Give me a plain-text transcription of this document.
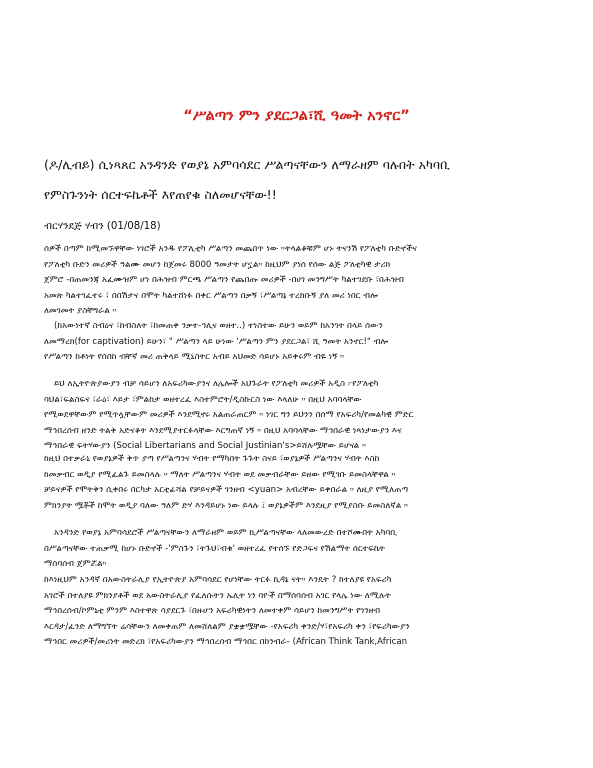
“ሥልጣን ምን ያደርጋል፣ሺ ዓመት አንኖር”
(ዶ/ሊብይ) ሲነጻጸር አንዳንድ የወያኔ አምባሳደር ሥልጣናቸውን ለማራዘም ባሉበት አካባቢ
የምስጉንነት ሰርተፍኬቶች እየጠየቁ ስለመሆናቸው!!
ብርሃንደጅ ሃብን (01/08/18)
ሰዎች በጣም ከሚመኙዋቸው ነገሮች አንዱ የፖሊቲካ ሥልጣን መጨበጥ ነው ።ትላልቆቹም ሆኑ ትናንሽ የፖለቲካ ቡድኖችና
የፖለቲካ ቡድን መሪዎች ዓልሙ መሆን ከጀመሩ 8000 ዓመታት ሆኗል። ከዚህም ያነሰ የሰው ልጅ ፖለቲካዊ ታሪክ
ጀምሮ -በጠመንጃ አፈሙዝም ሆነ በሕዝብ ምርጫ ሥልጣን የጨበጡ መሪዎች -በሀገ መንግሥት ካልተገደቡ ፣በሕዝብ
አመጽ ካልተገፈተሩ ፣ በበሽታና በሞት ካልተሸነፉ በቀር ሥልጣን በቃኝ ፣ሥልጣኔ ተረክቡኝ ያለ መሪ ነበር ብሎ
ለመገመት ያስቸግራል ።
(ከአውነተኛ ስብዕና ፣ከብስለት ፣ከመጠቀ ንቃተ-ኅሊና ወዘተ..) ተነስተው ይሁን ወይም ከአንገት በላይ ሰውን
ለመማረክ(for captivation) ይሁን፣ " ሥልጣን ላይ ሁነው 'ሥልጣን ምን ያደርጋል፣ ሺ ዓመት አንኖር!" ብሎ
የሥልጣን ከቶነት የሰበከ ብቸኛ መሪ ጠቅላይ ሚኒስትር አብይ አህመድ ሳይሆኑ አይቀሩም ብዬ ነኝ ።
ይህ ለኢትዮጵያውያን ብቻ ሳይሆን ለአፍሪካውያንና ለሌሎች አህጉራት የፖለቲካ መሪዎች አዲስ ፦የፖለቲካ
ባህል፣ፍልስፍና ፣ራዕ፣ እይታ ፣ምልከታ ወዘተረፈ እስተምሮት/ዲስኩርስ ነው እላለሁ ። በዚህ አባባላቸው
የሚወደዋቸውም የሚጥሏቸውም መሪዎች እንደሚኖሩ አልጠራጠርም ። ነገር ግን ይህንን በሰማ የአፍሪካ/የመልካዊ ምድር
ማኅበረሰብ ዘንድ ትልቅ አድናቆት እንደሚያተርፉላቸው እርግጠኛ ነኝ ። በዚህ አባባላቸው ማኅበራዊ ነጻነታውያን እና
ማኅበራዊ ፍትሃውያን (Social Libertarians and Social Justinian's>ይሸሉሟቸው ይሆናል ።
ከዚህ በተቃራኒ የወያኔዎች ቅጥ ያጣ የሥልጣንና ሃብት የማካበት ጉጉት ስናይ ፣ወያኔዎች ሥልጣንና ሃብት እስከ
ከመቃብር ወዲያ የሚፈልጉ ይመስላሉ ። ማለት ሥልጣንና ሃብት ወደ መቃብራቸው ይዘው የሚገቡ ይመስላቸዋል ።
ቻይናዎች የሞትቅን ሲቀበሩ በርካታ አርቲፊሻል የቻይናዎች ገንዘብ <yuan> አብረቸው ይቀበራል ። ለዚያ የሚለጠጣ
ምክንያት ሟቾች ከሞት ወዲያ ባለው ዓለም ድሃ እንዳይሆኑ ነው ይላሉ ፤ ወያኔዎችም እንደዚያ የሚያስቡ ይመስለኛል ።
አንዳንድ የወያኔ አምባሳደሮች ሥልጣናቸውን ለማራዘም ወይም ኪሥልጣናቸው ላለመውረድ በተሾሙበት አካባቢ
በሥልጣናቸው ተጠቃሚ ከሆኑ ቡድኖች -'ምስጉን ፣ትጉህ፣ብቁ' ወዘተረፈ የተሰኙ የድጋፍና የሽልማት ሰርተፍኬት
ማሰባሰብ ጀምሯል።
ከእነዚህም አንዳኛ በአውስትራሊያ የኢትዮጵያ አምባሳደር የሆነቸው ትርፉ ኪዳኔ ናት። እንዴት ? ከተለያዩ የአፍሪካ
አገሮች በተለያዩ ምክንያቶች ወደ አውስትራሊያ የፈለሱትን ኤሊት ነን ባዮች በማሰባሰብ አገር የላሌ ነው ለሚሉት
ማኅበረሰብ/ኮምኒቲ ምንም እስተዋጽ ሳያደርጉ ፣በዙሆን አፍሪካዊነትን ለመተቀም ሳይሆን ከመንግሥት የገንዘብ
እርዳታ/ፈንድ ለማግኘት ሬሳቸውን ለመቀጠም ለመሸለልም ያቋቋሟቸው -የአፍሪካ ቀንድ/ሃ፣የአፍሪካ ቀን ፣የፍሪካውያን
ማኅበር መሪዎች/መሪነት መድረክ ፣የአፍሪካውያን ማኅበረሰብ ማኅበር በከንብራ- (African Think Tank,African
